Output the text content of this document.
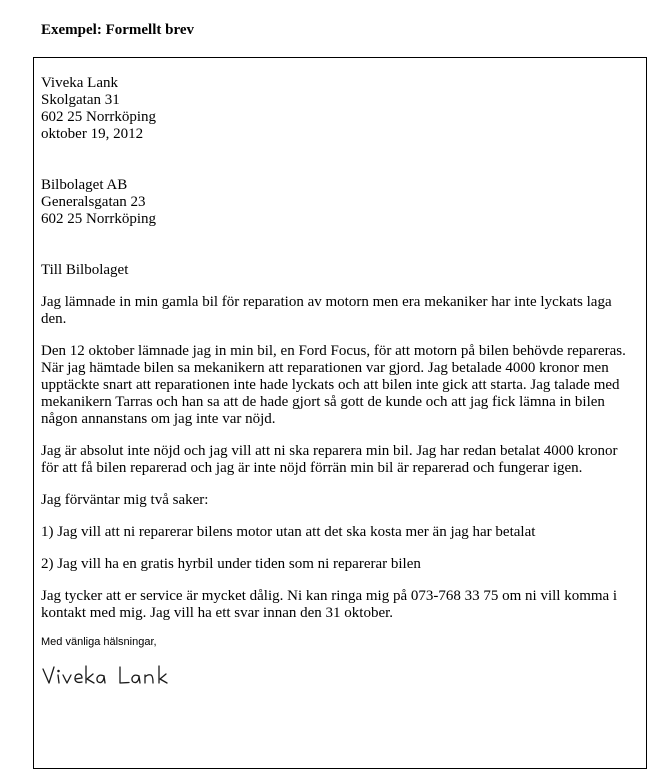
Exempel: Formellt brev
Viveka Lank
Skolgatan 31
602 25 Norrköping
oktober 19, 2012
Bilbolaget AB
Generalsgatan 23
602 25 Norrköping

Till Bilbolaget

Jag lämnade in min gamla bil för reparation av motorn men era mekaniker har inte lyckats laga den.

Den 12 oktober lämnade jag in min bil, en Ford Focus, för att motorn på bilen behövde repareras. När jag hämtade bilen sa mekanikern att reparationen var gjord. Jag betalade 4000 kronor men upptäckte snart att reparationen inte hade lyckats och att bilen inte gick att starta. Jag talade med mekanikern Tarras och han sa att de hade gjort så gott de kunde och att jag fick lämna in bilen någon annanstans om jag inte var nöjd.

Jag är absolut inte nöjd och jag vill att ni ska reparera min bil. Jag har redan betalat 4000 kronor för att få bilen reparerad och jag är inte nöjd förrän min bil är reparerad och fungerar igen.

Jag förväntar mig två saker:

1) Jag vill att ni reparerar bilens motor utan att det ska kosta mer än jag har betalat

2) Jag vill ha en gratis hyrbil under tiden som ni reparerar bilen

Jag tycker att er service är mycket dålig. Ni kan ringa mig på 073-768 33 75 om ni vill komma i kontakt med mig. Jag vill ha ett svar innan den 31 oktober.

Med vänliga hälsningar,
